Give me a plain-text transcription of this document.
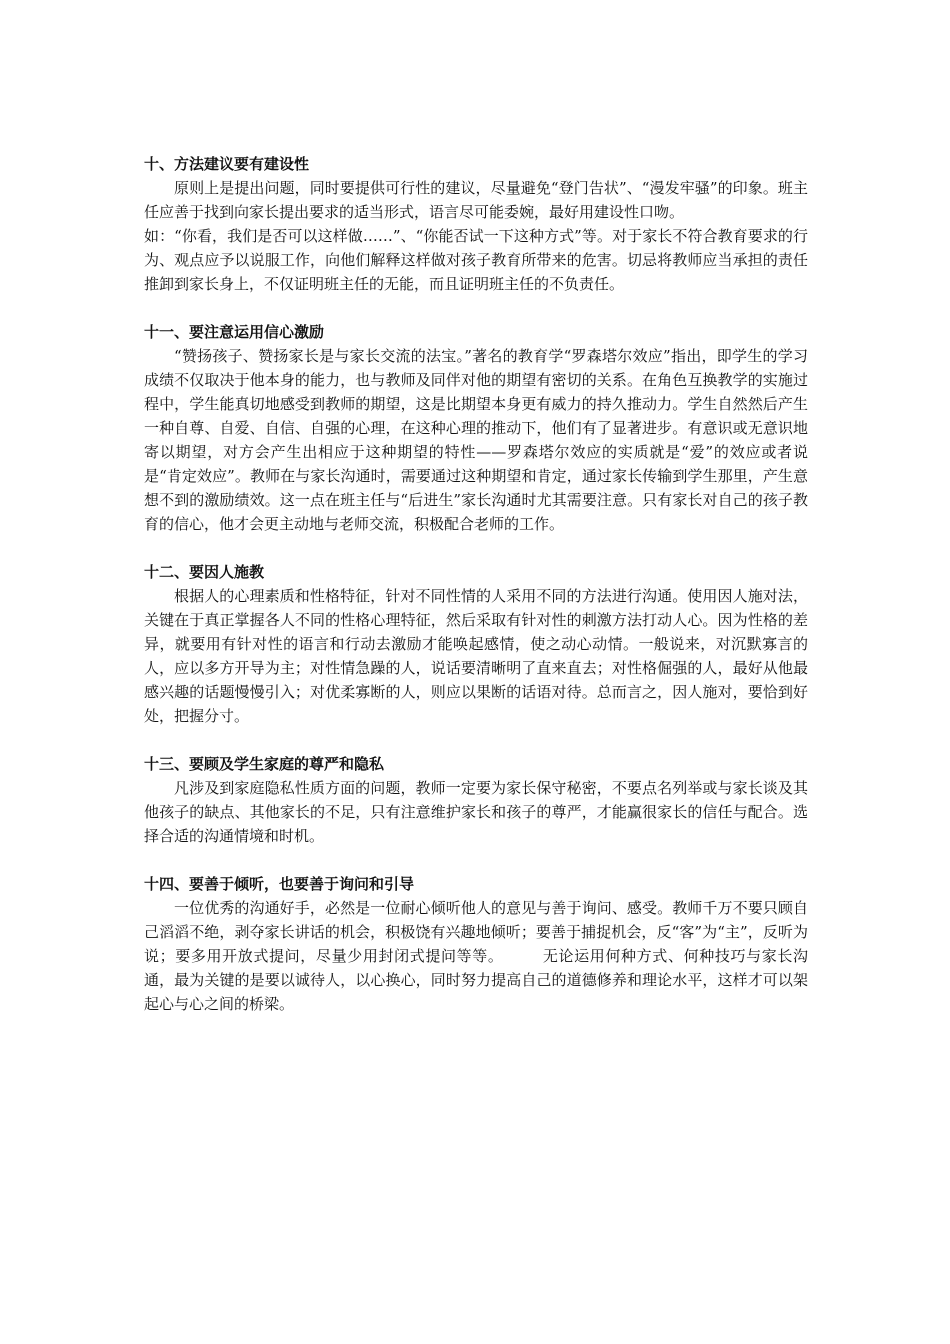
十、方法建议要有建设性

原则上是提出问题，同时要提供可行性的建议，尽量避免“登门告状”、“漫发牢骚”的印象。班主任应善于找到向家长提出要求的适当形式，语言尽可能委婉，最好用建设性口吻。

如：“你看，我们是否可以这样做……”、“你能否试一下这种方式”等。对于家长不符合教育要求的行为、观点应予以说服工作，向他们解释这样做对孩子教育所带来的危害。切忌将教师应当承担的责任推卸到家长身上，不仅证明班主任的无能，而且证明班主任的不负责任。

十一、要注意运用信心激励

“赞扬孩子、赞扬家长是与家长交流的法宝。”著名的教育学“罗森塔尔效应”指出，即学生的学习成绩不仅取决于他本身的能力，也与教师及同伴对他的期望有密切的关系。在角色互换教学的实施过程中，学生能真切地感受到教师的期望，这是比期望本身更有威力的持久推动力。学生自然然后产生一种自尊、自爱、自信、自强的心理，在这种心理的推动下，他们有了显著进步。有意识或无意识地寄以期望，对方会产生出相应于这种期望的特性——罗森塔尔效应的实质就是“爱”的效应或者说是“肯定效应”。教师在与家长沟通时，需要通过这种期望和肯定，通过家长传输到学生那里，产生意想不到的激励绩效。这一点在班主任与“后进生”家长沟通时尤其需要注意。只有家长对自己的孩子教育的信心，他才会更主动地与老师交流，积极配合老师的工作。

十二、要因人施教

根据人的心理素质和性格特征，针对不同性情的人采用不同的方法进行沟通。使用因人施对法，关键在于真正掌握各人不同的性格心理特征，然后采取有针对性的刺激方法打动人心。因为性格的差异，就要用有针对性的语言和行动去激励才能唤起感情，使之动心动情。一般说来，对沉默寡言的人，应以多方开导为主；对性情急躁的人，说话要清晰明了直来直去；对性格倔强的人，最好从他最感兴趣的话题慢慢引入；对优柔寡断的人，则应以果断的话语对待。总而言之，因人施对，要恰到好处，把握分寸。

十三、要顾及学生家庭的尊严和隐私

凡涉及到家庭隐私性质方面的问题，教师一定要为家长保守秘密，不要点名列举或与家长谈及其他孩子的缺点、其他家长的不足，只有注意维护家长和孩子的尊严，才能赢很家长的信任与配合。选择合适的沟通情境和时机。

十四、要善于倾听，也要善于询问和引导

一位优秀的沟通好手，必然是一位耐心倾听他人的意见与善于询问、感受。教师千万不要只顾自己滔滔不绝，剥夺家长讲话的机会，积极饶有兴趣地倾听；要善于捕捉机会，反“客”为“主”，反听为说；要多用开放式提问，尽量少用封闭式提问等等。　　　无论运用何种方式、何种技巧与家长沟通，最为关键的是要以诚待人，以心换心，同时努力提高自己的道德修养和理论水平，这样才可以架起心与心之间的桥梁。
